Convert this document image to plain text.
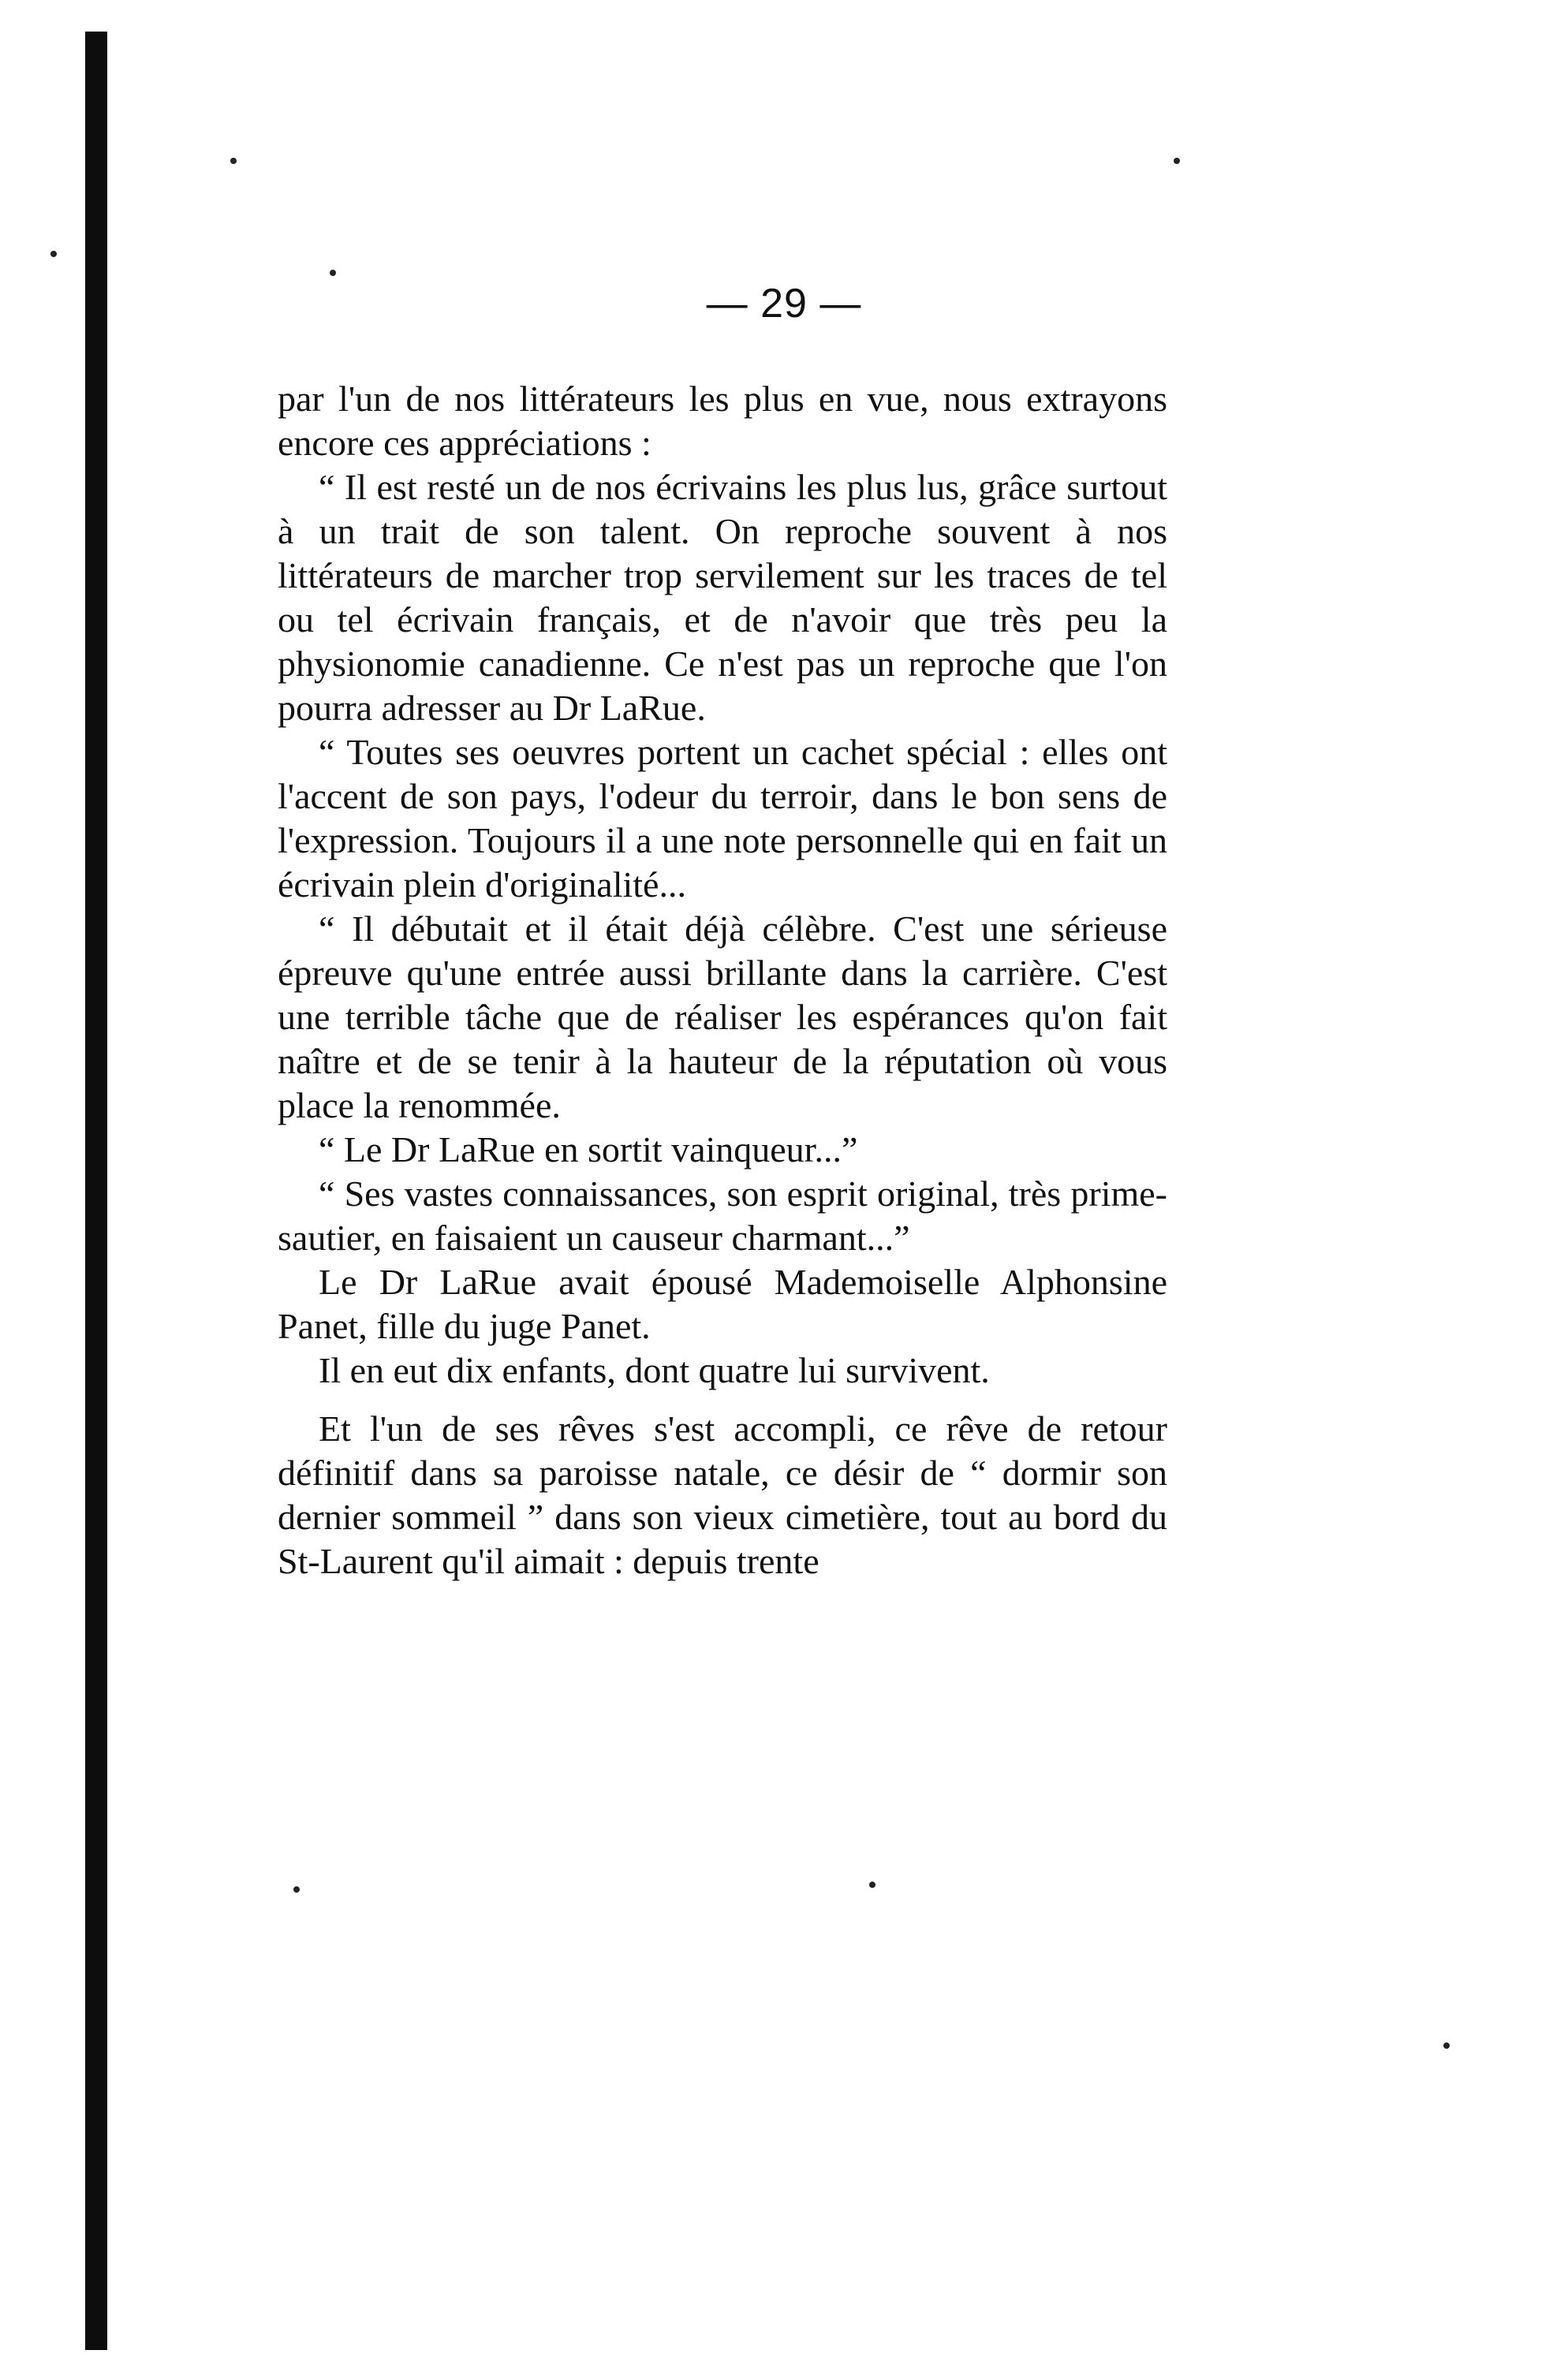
— 29 —

par l'un de nos littérateurs les plus en vue, nous extrayons encore ces appréciations :

“ Il est resté un de nos écrivains les plus lus, grâce surtout à un trait de son talent. On reproche souvent à nos littérateurs de marcher trop servilement sur les traces de tel ou tel écrivain français, et de n'avoir que très peu la physionomie canadienne. Ce n'est pas un reproche que l'on pourra adresser au Dr LaRue.

“ Toutes ses oeuvres portent un cachet spécial : elles ont l'accent de son pays, l'odeur du terroir, dans le bon sens de l'expression. Toujours il a une note personnelle qui en fait un écrivain plein d'originalité...

“ Il débutait et il était déjà célèbre. C'est une sérieuse épreuve qu'une entrée aussi brillante dans la carrière. C'est une terrible tâche que de réaliser les espérances qu'on fait naître et de se tenir à la hauteur de la réputation où vous place la renommée.

“ Le Dr LaRue en sortit vainqueur...”

“ Ses vastes connaissances, son esprit original, très prime-sautier, en faisaient un causeur charmant...”

Le Dr LaRue avait épousé Mademoiselle Alphonsine Panet, fille du juge Panet.

Il en eut dix enfants, dont quatre lui survivent.

Et l'un de ses rêves s'est accompli, ce rêve de retour définitif dans sa paroisse natale, ce désir de “ dormir son dernier sommeil ” dans son vieux cimetière, tout au bord du St-Laurent qu'il aimait : depuis trente
